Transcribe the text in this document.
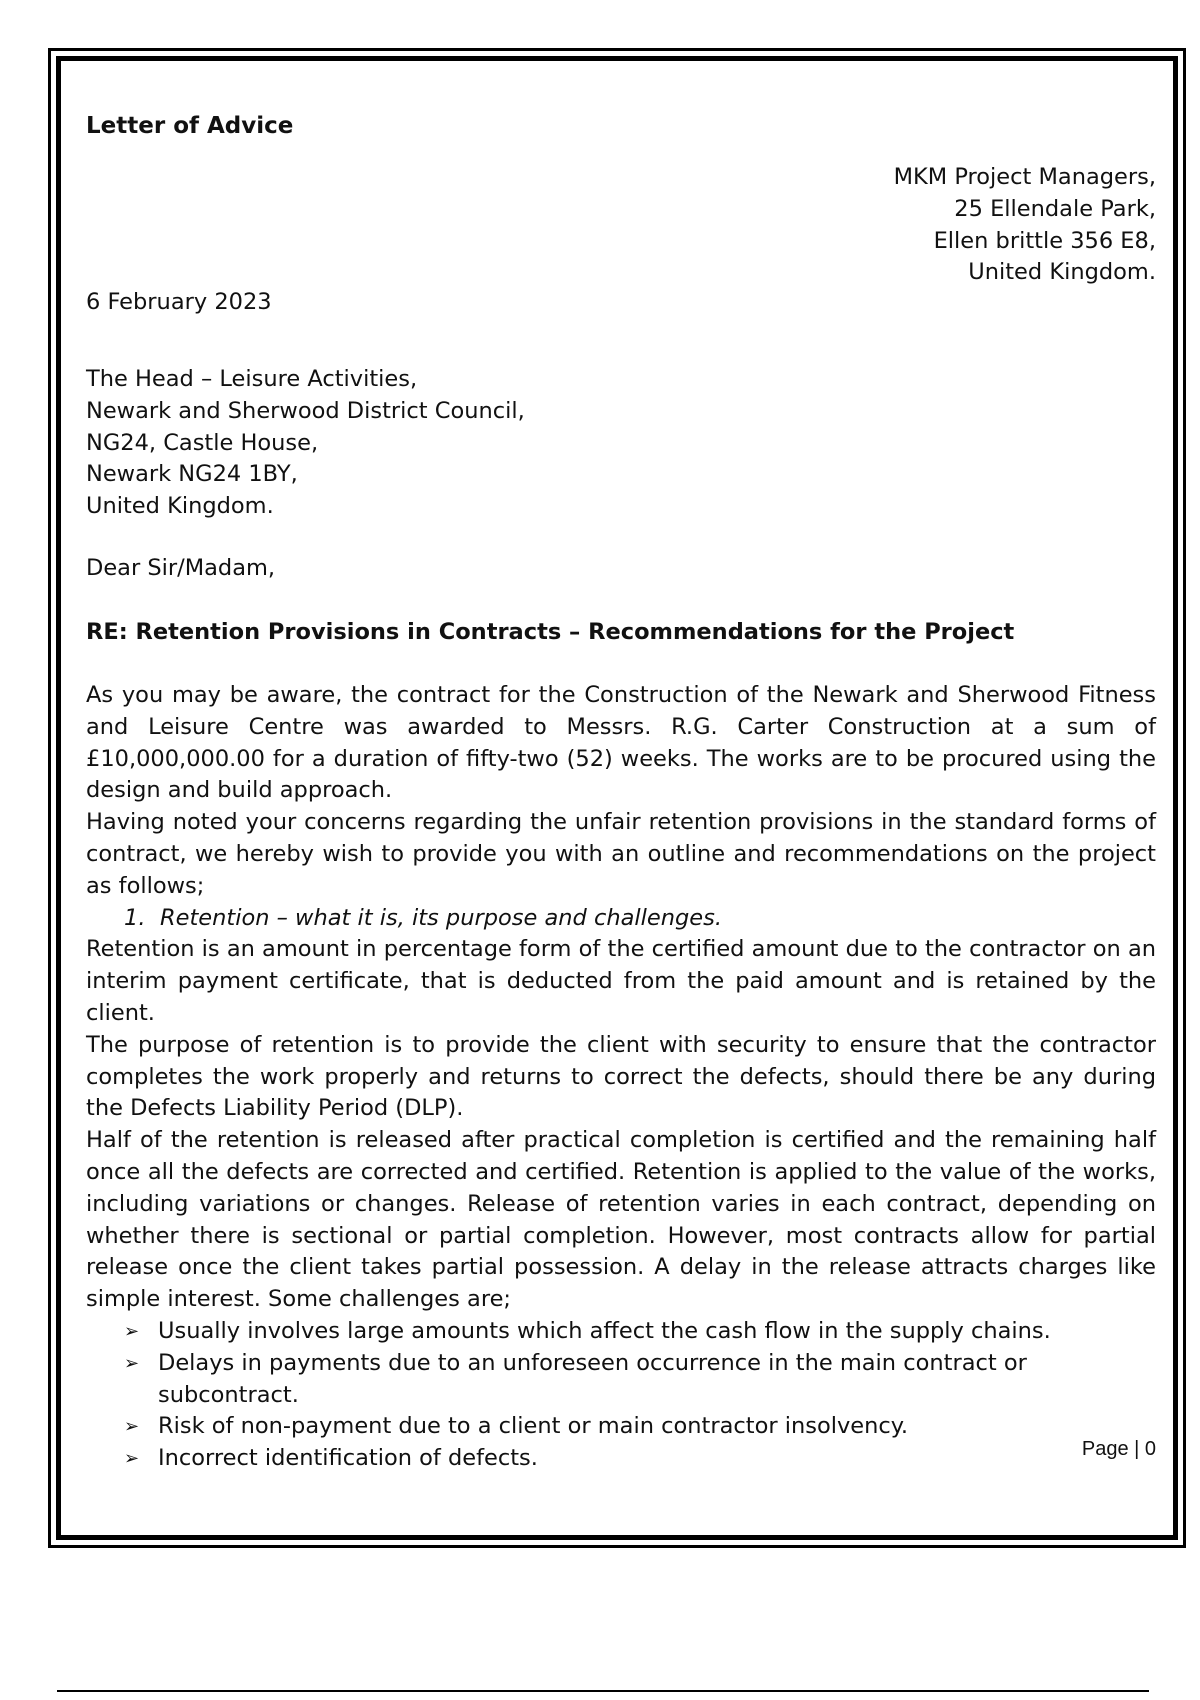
Letter of Advice
MKM Project Managers,
25 Ellendale Park,
Ellen brittle 356 E8,
United Kingdom.
6 February 2023
The Head – Leisure Activities,
Newark and Sherwood District Council,
NG24, Castle House,
Newark NG24 1BY,
United Kingdom.
Dear Sir/Madam,
RE: Retention Provisions in Contracts – Recommendations for the Project

As you may be aware, the contract for the Construction of the Newark and Sherwood Fitness and Leisure Centre was awarded to Messrs. R.G. Carter Construction at a sum of £10,000,000.00 for a duration of fifty-two (52) weeks. The works are to be procured using the design and build approach.

Having noted your concerns regarding the unfair retention provisions in the standard forms of contract, we hereby wish to provide you with an outline and recommendations on the project as follows;

1. Retention – what it is, its purpose and challenges.

Retention is an amount in percentage form of the certified amount due to the contractor on an interim payment certificate, that is deducted from the paid amount and is retained by the client.

The purpose of retention is to provide the client with security to ensure that the contractor completes the work properly and returns to correct the defects, should there be any during the Defects Liability Period (DLP).

Half of the retention is released after practical completion is certified and the remaining half once all the defects are corrected and certified. Retention is applied to the value of the works, including variations or changes. Release of retention varies in each contract, depending on whether there is sectional or partial completion. However, most contracts allow for partial release once the client takes partial possession. A delay in the release attracts charges like simple interest. Some challenges are;

➢ Usually involves large amounts which affect the cash flow in the supply chains.
➢ Delays in payments due to an unforeseen occurrence in the main contract or subcontract.
➢ Risk of non-payment due to a client or main contractor insolvency.
➢ Incorrect identification of defects.	Page | 0
